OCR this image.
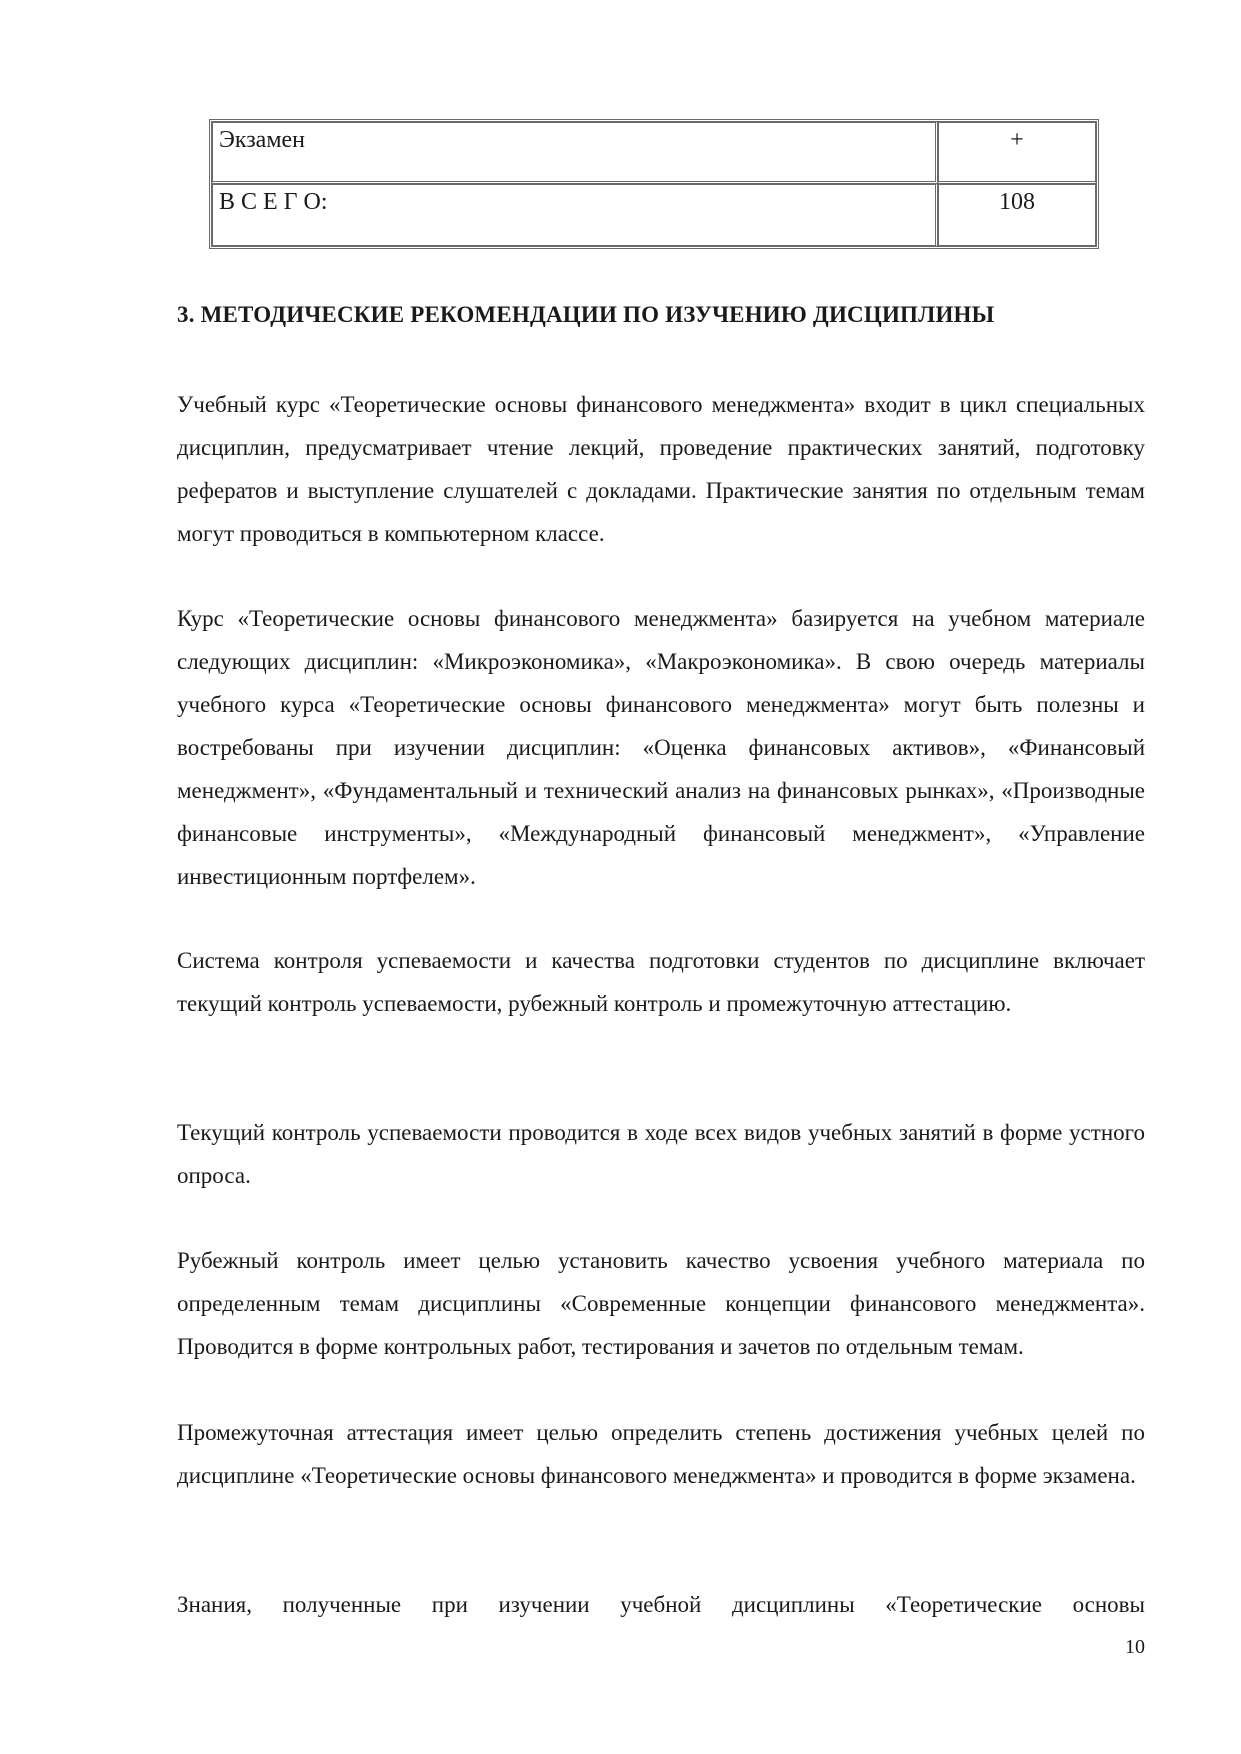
Экзамен	+
В С Е Г О:	108
3. МЕТОДИЧЕСКИЕ РЕКОМЕНДАЦИИ ПО ИЗУЧЕНИЮ ДИСЦИПЛИНЫ

Учебный курс «Теоретические основы финансового менеджмента» входит в цикл специальных дисциплин, предусматривает чтение лекций, проведение практических занятий, подготовку рефератов и выступление слушателей с докладами. Практические занятия по отдельным темам могут проводиться в компьютерном классе.

Курс «Теоретические основы финансового менеджмента» базируется на учебном материале следующих дисциплин: «Микроэкономика», «Макроэкономика». В свою очередь материалы учебного курса «Теоретические основы финансового менеджмента» могут быть полезны и востребованы при изучении дисциплин: «Оценка финансовых активов», «Финансовый менеджмент», «Фундаментальный и технический анализ на финансовых рынках», «Производные финансовые инструменты», «Международный финансовый менеджмент», «Управление инвестиционным портфелем».

Система контроля успеваемости и качества подготовки студентов по дисциплине включает текущий контроль успеваемости, рубежный контроль и промежуточную аттестацию.

Текущий контроль успеваемости проводится в ходе всех видов учебных занятий в форме устного опроса.

Рубежный контроль имеет целью установить качество усвоения учебного материала по определенным темам дисциплины «Современные концепции финансового менеджмента». Проводится в форме контрольных работ, тестирования и зачетов по отдельным темам.

Промежуточная аттестация имеет целью определить степень достижения учебных целей по дисциплине «Теоретические основы финансового менеджмента» и проводится в форме экзамена.

Знания, полученные при изучении учебной дисциплины «Теоретические основы

10
